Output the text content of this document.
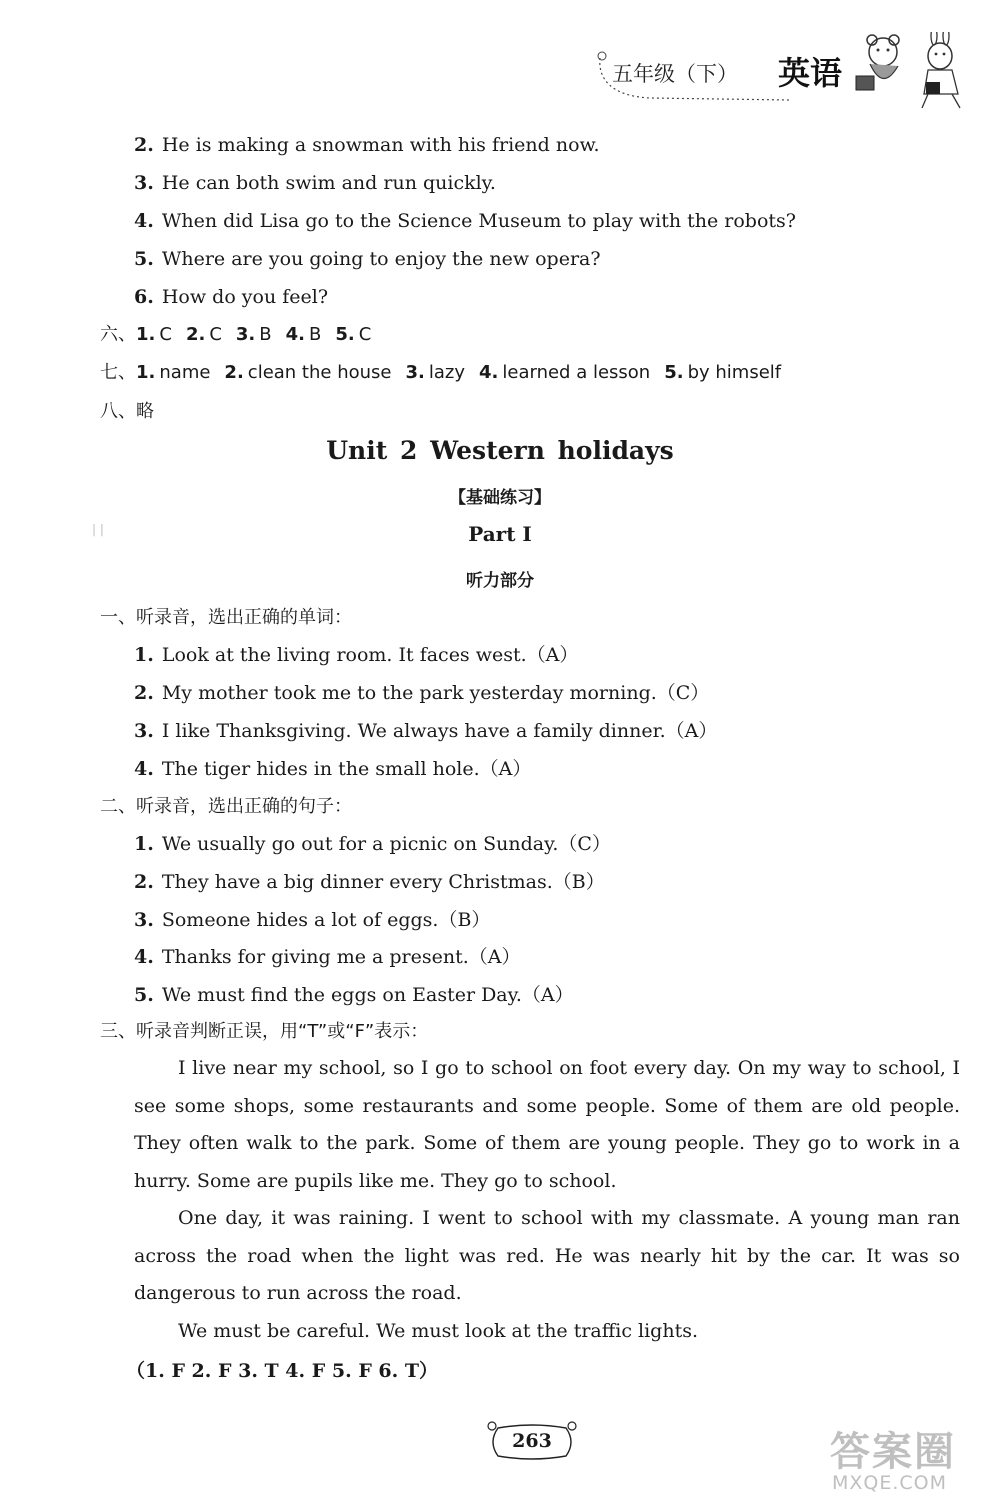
五年级（下） 英语
2. He is making a snowman with his friend now.
3. He can both swim and run quickly.
4. When did Lisa go to the Science Museum to play with the robots?
5. Where are you going to enjoy the new opera?
6. How do you feel?
六、1. C 2. C 3. B 4. B 5. C
七、1. name 2. clean the house 3. lazy 4. learned a lesson 5. by himself
八、略
Unit 2 Western holidays
【基础练习】
Part Ⅰ
听力部分
| |
一、听录音，选出正确的单词：
1. Look at the living room. It faces west.（A）
2. My mother took me to the park yesterday morning.（C）
3. I like Thanksgiving. We always have a family dinner.（A）
4. The tiger hides in the small hole.（A）
二、听录音，选出正确的句子：
1. We usually go out for a picnic on Sunday.（C）
2. They have a big dinner every Christmas.（B）
3. Someone hides a lot of eggs.（B）
4. Thanks for giving me a present.（A）
5. We must find the eggs on Easter Day.（A）
三、听录音判断正误，用“T”或“F”表示：

I live near my school, so I go to school on foot every day. On my way to school, I see some shops, some restaurants and some people. Some of them are old people. They often walk to the park. Some of them are young people. They go to work in a hurry. Some are pupils like me. They go to school.

One day, it was raining. I went to school with my classmate. A young man ran across the road when the light was red. He was nearly hit by the car. It was so dangerous to run across the road.

We must be careful. We must look at the traffic lights.

（1. F 2. F 3. T 4. F 5. F 6. T）
263	答案圈
MXQE.COM
